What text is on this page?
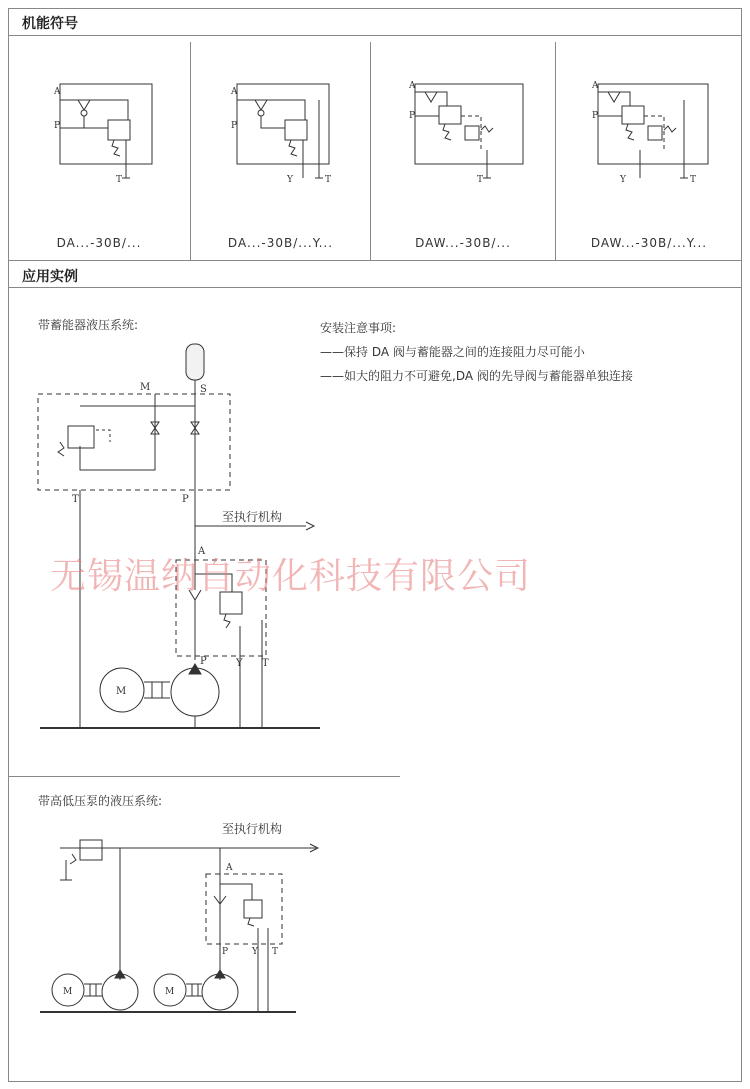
机能符号
A
P
T
DA...-30B/...
A
P
Y	T
DA...-30B/...Y...
A
P
T
DAW...-30B/...
A
P
Y	T
DAW...-30B/...Y...
应用实例
带蓄能器液压系统:	安装注意事项:
——保持 DA 阀与蓄能器之间的连接阻力尽可能小
——如大的阻力不可避免,DA 阀的先导阀与蓄能器单独连接
S
M
T	P
A
P	Y T
M
至执行机构
无锡温纳自动化科技有限公司
带高低压泵的液压系统:
至执行机构
A
P	Y T
M	M
